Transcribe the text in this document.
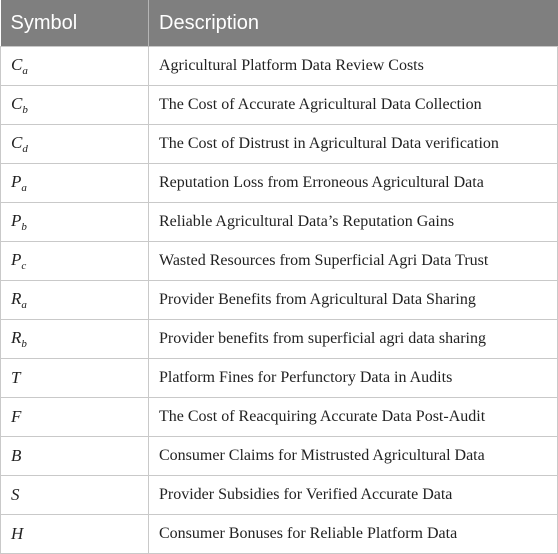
Symbol	Description
$C_a$	Agricultural Platform Data Review Costs
$C_b$	The Cost of Accurate Agricultural Data Collection
$C_d$	The Cost of Distrust in Agricultural Data verification
$P_a$	Reputation Loss from Erroneous Agricultural Data
$P_b$	Reliable Agricultural Data’s Reputation Gains
$P_c$	Wasted Resources from Superficial Agri Data Trust
$R_a$	Provider Benefits from Agricultural Data Sharing
$R_b$	Provider benefits from superficial agri data sharing
T	Platform Fines for Perfunctory Data in Audits
F	The Cost of Reacquiring Accurate Data Post-Audit
B	Consumer Claims for Mistrusted Agricultural Data
S	Provider Subsidies for Verified Accurate Data
H	Consumer Bonuses for Reliable Platform Data
